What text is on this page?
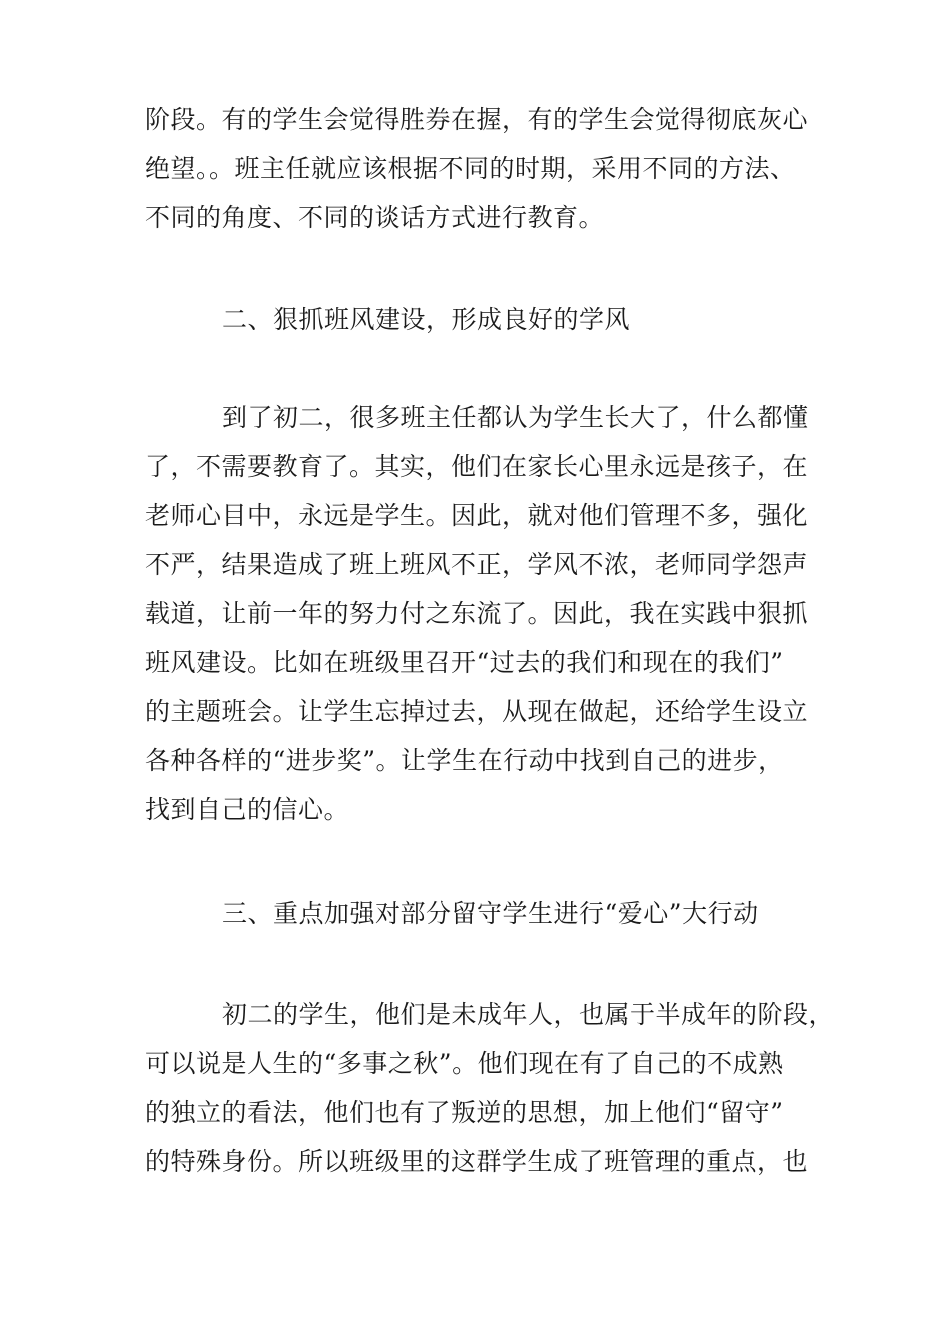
阶段。有的学生会觉得胜券在握，有的学生会觉得彻底灰心
绝望。。班主任就应该根据不同的时期，采用不同的方法、
不同的角度、不同的谈话方式进行教育。
二、狠抓班风建设，形成良好的学风
到了初二，很多班主任都认为学生长大了，什么都懂
了，不需要教育了。其实，他们在家长心里永远是孩子，在
老师心目中，永远是学生。因此，就对他们管理不多，强化
不严，结果造成了班上班风不正，学风不浓，老师同学怨声
载道，让前一年的努力付之东流了。因此，我在实践中狠抓
班风建设。比如在班级里召开“过去的我们和现在的我们”
的主题班会。让学生忘掉过去，从现在做起，还给学生设立
各种各样的“进步奖”。让学生在行动中找到自己的进步，
找到自己的信心。
三、重点加强对部分留守学生进行“爱心”大行动
初二的学生，他们是未成年人，也属于半成年的阶段，
可以说是人生的“多事之秋”。他们现在有了自己的不成熟
的独立的看法，他们也有了叛逆的思想，加上他们“留守”
的特殊身份。所以班级里的这群学生成了班管理的重点，也
